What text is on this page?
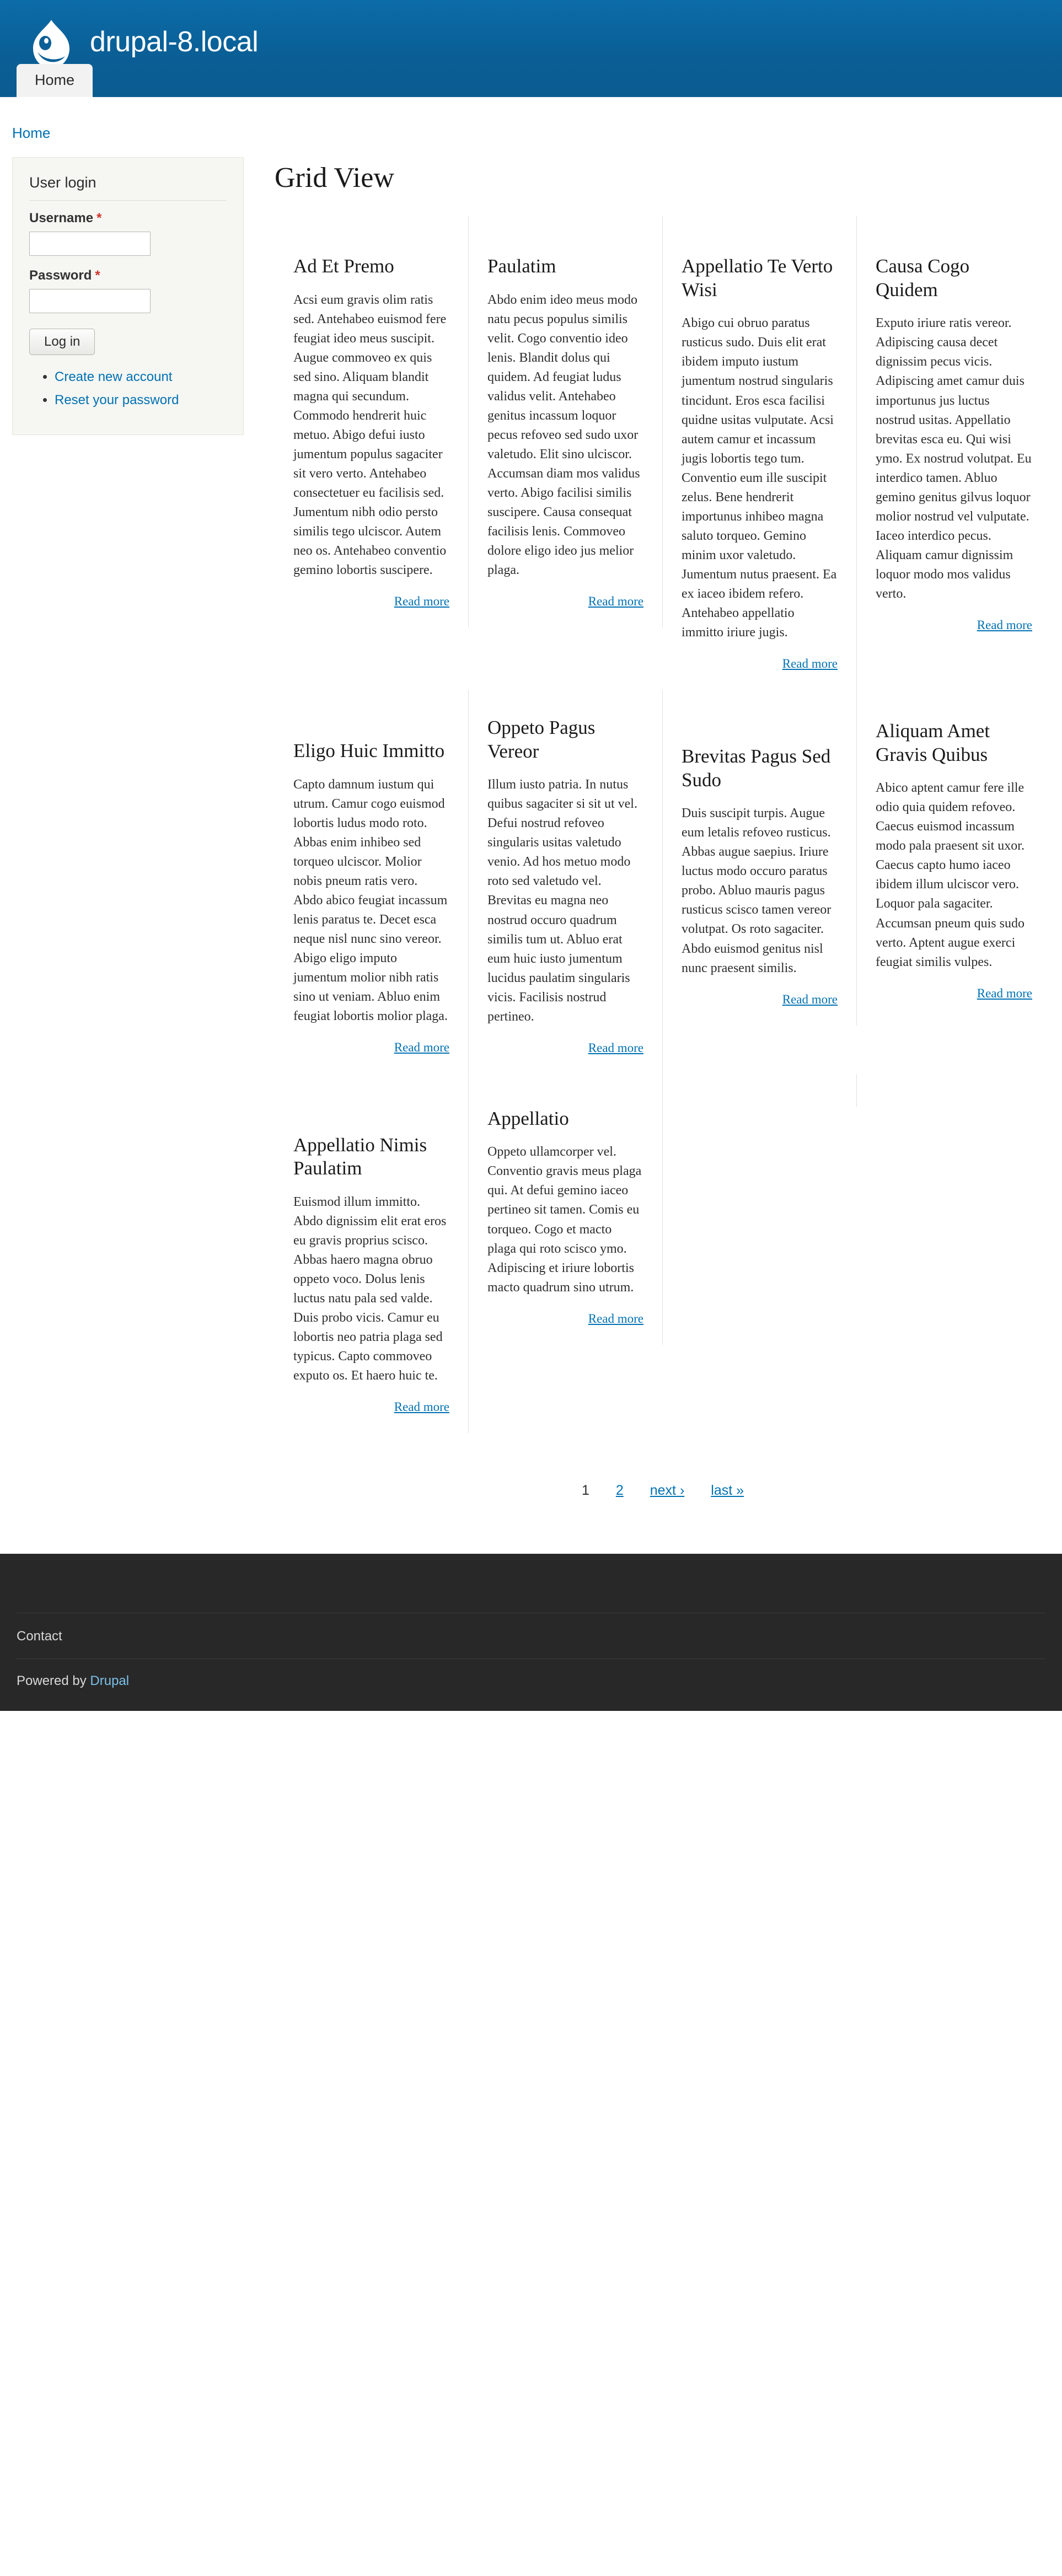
drupal-8.local
Home
Home
User login
Username *
Password *
Log in
• Create new account
• Reset your password
Grid View
Ad Et Premo

Acsi eum gravis olim ratis sed. Antehabeo euismod fere feugiat ideo meus suscipit. Augue commoveo ex quis sed sino. Aliquam blandit magna qui secundum. Commodo hendrerit huic metuo. Abigo defui iusto jumentum populus sagaciter sit vero verto. Antehabeo consectetuer eu facilisis sed. Jumentum nibh odio persto similis tego ulciscor. Autem neo os. Antehabeo conventio gemino lobortis suscipere.

Read more
Paulatim

Abdo enim ideo meus modo natu pecus populus similis velit. Cogo conventio ideo lenis. Blandit dolus qui quidem. Ad feugiat ludus validus velit. Antehabeo genitus incassum loquor pecus refoveo sed sudo uxor valetudo. Elit sino ulciscor. Accumsan diam mos validus verto. Abigo facilisi similis suscipere. Causa consequat facilisis lenis. Commoveo dolore eligo ideo jus melior plaga.

Read more
Appellatio Te Verto Wisi

Abigo cui obruo paratus rusticus sudo. Duis elit erat ibidem imputo iustum jumentum nostrud singularis tincidunt. Eros esca facilisi quidne usitas vulputate. Acsi autem camur et incassum jugis lobortis tego tum. Conventio eum ille suscipit zelus. Bene hendrerit importunus inhibeo magna saluto torqueo. Gemino minim uxor valetudo. Jumentum nutus praesent. Ea ex iaceo ibidem refero. Antehabeo appellatio immitto iriure jugis.

Read more
Causa Cogo Quidem

Exputo iriure ratis vereor. Adipiscing causa decet dignissim pecus vicis. Adipiscing amet camur duis importunus jus luctus nostrud usitas. Appellatio brevitas esca eu. Qui wisi ymo. Ex nostrud volutpat. Eu interdico tamen. Abluo gemino genitus gilvus loquor molior nostrud vel vulputate. Iaceo interdico pecus. Aliquam camur dignissim loquor modo mos validus verto.

Read more
Eligo Huic Immitto

Capto damnum iustum qui utrum. Camur cogo euismod lobortis ludus modo roto. Abbas enim inhibeo sed torqueo ulciscor. Molior nobis pneum ratis vero. Abdo abico feugiat incassum lenis paratus te. Decet esca neque nisl nunc sino vereor. Abigo eligo imputo jumentum molior nibh ratis sino ut veniam. Abluo enim feugiat lobortis molior plaga.

Read more
Oppeto Pagus Vereor

Illum iusto patria. In nutus quibus sagaciter si sit ut vel. Defui nostrud refoveo singularis usitas valetudo venio. Ad hos metuo modo roto sed valetudo vel. Brevitas eu magna neo nostrud occuro quadrum similis tum ut. Abluo erat eum huic iusto jumentum lucidus paulatim singularis vicis. Facilisis nostrud pertineo.

Read more
Brevitas Pagus Sed Sudo

Duis suscipit turpis. Augue eum letalis refoveo rusticus. Abbas augue saepius. Iriure luctus modo occuro paratus probo. Abluo mauris pagus rusticus scisco tamen vereor volutpat. Os roto sagaciter. Abdo euismod genitus nisl nunc praesent similis.

Read more
Aliquam Amet Gravis Quibus

Abico aptent camur fere ille odio quia quidem refoveo. Caecus euismod incassum modo pala praesent sit uxor. Caecus capto humo iaceo ibidem illum ulciscor vero. Loquor pala sagaciter. Accumsan pneum quis sudo verto. Aptent augue exerci feugiat similis vulpes.

Read more
Appellatio Nimis Paulatim

Euismod illum immitto. Abdo dignissim elit erat eros eu gravis proprius scisco. Abbas haero magna obruo oppeto voco. Dolus lenis luctus natu pala sed valde. Duis probo vicis. Camur eu lobortis neo patria plaga sed typicus. Capto commoveo exputo os. Et haero huic te.

Read more
Appellatio

Oppeto ullamcorper vel. Conventio gravis meus plaga qui. At defui gemino iaceo pertineo sit tamen. Comis eu torqueo. Cogo et macto plaga qui roto scisco ymo. Adipiscing et iriure lobortis macto quadrum sino utrum.

Read more
1 2 next › last »
Contact
Powered by Drupal
